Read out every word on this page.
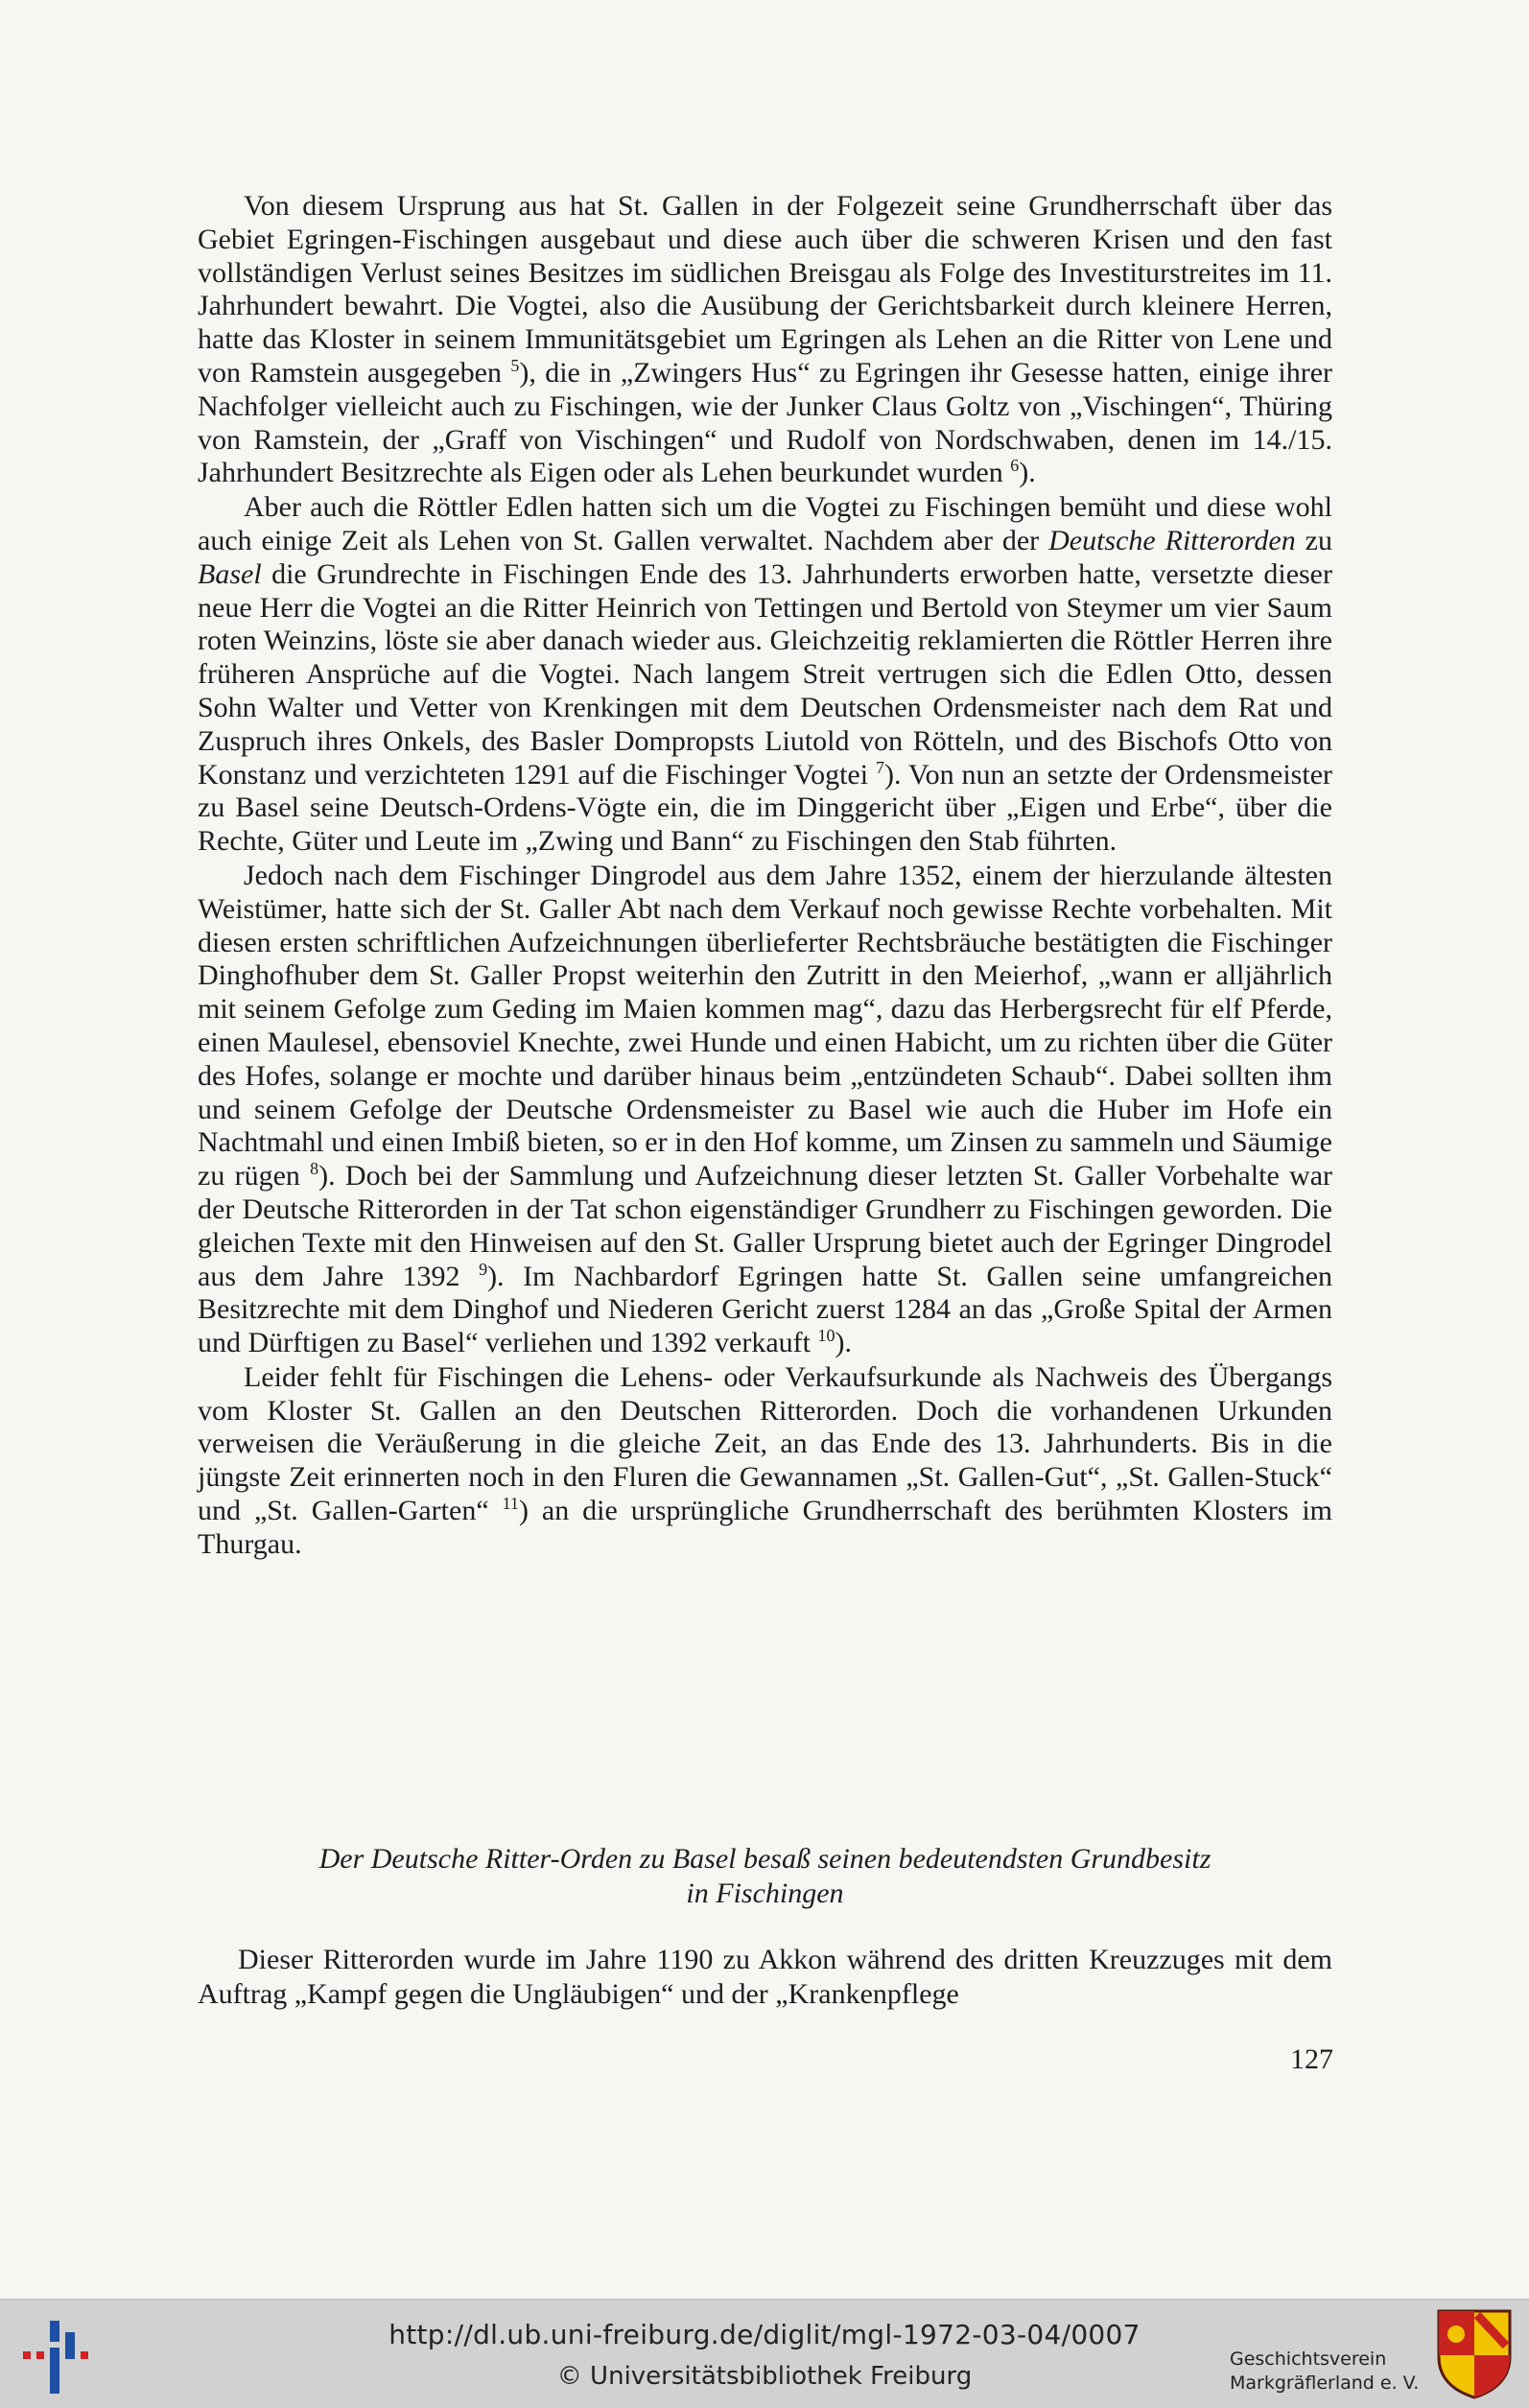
Von diesem Ursprung aus hat St. Gallen in der Folgezeit seine Grundherrschaft über das Gebiet Egringen-Fischingen ausgebaut und diese auch über die schweren Krisen und den fast vollständigen Verlust seines Besitzes im südlichen Breisgau als Folge des Investiturstreites im 11. Jahrhundert bewahrt. Die Vogtei, also die Ausübung der Gerichtsbarkeit durch kleinere Herren, hatte das Kloster in seinem Immunitätsgebiet um Egringen als Lehen an die Ritter von Lene und von Ramstein ausgegeben $^5$), die in „Zwingers Hus“ zu Egringen ihr Gesesse hatten, einige ihrer Nachfolger vielleicht auch zu Fischingen, wie der Junker Claus Goltz von „Vischingen“, Thüring von Ramstein, der „Graff von Vischingen“ und Rudolf von Nordschwaben, denen im 14./15. Jahrhundert Besitzrechte als Eigen oder als Lehen beurkundet wurden $^6$).

Aber auch die Röttler Edlen hatten sich um die Vogtei zu Fischingen bemüht und diese wohl auch einige Zeit als Lehen von St. Gallen verwaltet. Nachdem aber der Deutsche Ritterorden zu Basel die Grundrechte in Fischingen Ende des 13. Jahrhunderts erworben hatte, versetzte dieser neue Herr die Vogtei an die Ritter Heinrich von Tettingen und Bertold von Steymer um vier Saum roten Weinzins, löste sie aber danach wieder aus. Gleichzeitig reklamierten die Röttler Herren ihre früheren Ansprüche auf die Vogtei. Nach langem Streit vertrugen sich die Edlen Otto, dessen Sohn Walter und Vetter von Krenkingen mit dem Deutschen Ordensmeister nach dem Rat und Zuspruch ihres Onkels, des Basler Dompropsts Liutold von Rötteln, und des Bischofs Otto von Konstanz und verzichteten 1291 auf die Fischinger Vogtei $^7$). Von nun an setzte der Ordensmeister zu Basel seine Deutsch-Ordens-Vögte ein, die im Dinggericht über „Eigen und Erbe“, über die Rechte, Güter und Leute im „Zwing und Bann“ zu Fischingen den Stab führten.

Jedoch nach dem Fischinger Dingrodel aus dem Jahre 1352, einem der hierzulande ältesten Weistümer, hatte sich der St. Galler Abt nach dem Verkauf noch gewisse Rechte vorbehalten. Mit diesen ersten schriftlichen Aufzeichnungen überlieferter Rechtsbräuche bestätigten die Fischinger Dinghofhuber dem St. Galler Propst weiterhin den Zutritt in den Meierhof, „wann er alljährlich mit seinem Gefolge zum Geding im Maien kommen mag“, dazu das Herbergsrecht für elf Pferde, einen Maulesel, ebensoviel Knechte, zwei Hunde und einen Habicht, um zu richten über die Güter des Hofes, solange er mochte und darüber hinaus beim „entzündeten Schaub“. Dabei sollten ihm und seinem Gefolge der Deutsche Ordensmeister zu Basel wie auch die Huber im Hofe ein Nachtmahl und einen Imbiß bieten, so er in den Hof komme, um Zinsen zu sammeln und Säumige zu rügen $^8$). Doch bei der Sammlung und Aufzeichnung dieser letzten St. Galler Vorbehalte war der Deutsche Ritterorden in der Tat schon eigenständiger Grundherr zu Fischingen geworden. Die gleichen Texte mit den Hinweisen auf den St. Galler Ursprung bietet auch der Egringer Dingrodel aus dem Jahre 1392 $^9$). Im Nachbardorf Egringen hatte St. Gallen seine umfangreichen Besitzrechte mit dem Dinghof und Niederen Gericht zuerst 1284 an das „Große Spital der Armen und Dürftigen zu Basel“ verliehen und 1392 verkauft $^{10}$).

Leider fehlt für Fischingen die Lehens- oder Verkaufsurkunde als Nachweis des Übergangs vom Kloster St. Gallen an den Deutschen Ritterorden. Doch die vorhandenen Urkunden verweisen die Veräußerung in die gleiche Zeit, an das Ende des 13. Jahrhunderts. Bis in die jüngste Zeit erinnerten noch in den Fluren die Gewannamen „St. Gallen-Gut“, „St. Gallen-Stuck“ und „St. Gallen-Garten“ $^{11}$) an die ursprüngliche Grundherrschaft des berühmten Klosters im Thurgau.

Der Deutsche Ritter-Orden zu Basel besaß seinen bedeutendsten Grundbesitz
in Fischingen

Dieser Ritterorden wurde im Jahre 1190 zu Akkon während des dritten Kreuzzuges mit dem Auftrag „Kampf gegen die Ungläubigen“ und der „Krankenpflege

127
http://dl.ub.uni-freiburg.de/diglit/mgl-1972-03-04/0007
© Universitätsbibliothek Freiburg
Geschichtsverein
Markgräflerland e. V.
